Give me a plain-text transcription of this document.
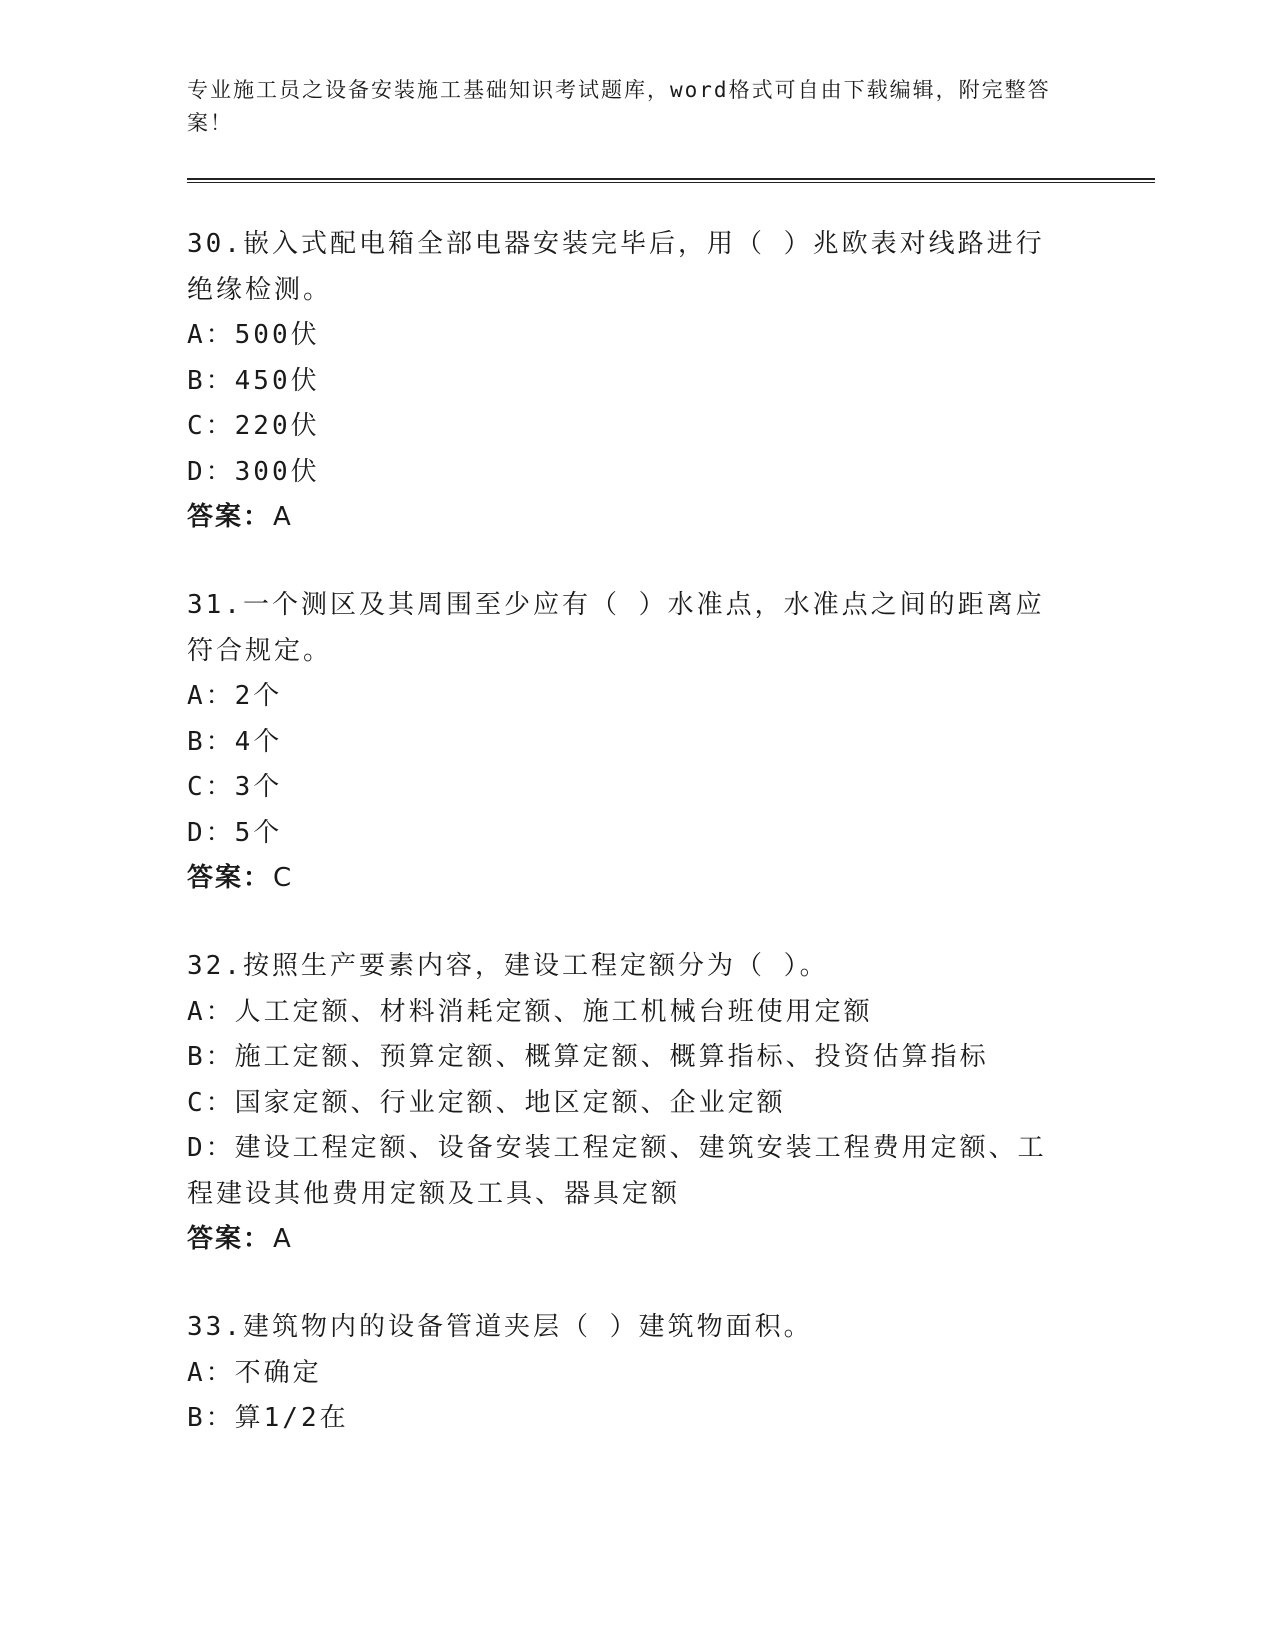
专业施工员之设备安装施工基础知识考试题库，word格式可自由下载编辑，附完整答案！

30.嵌入式配电箱全部电器安装完毕后，用（ ）兆欧表对线路进行绝缘检测。
A：500伏
B：450伏
C：220伏
D：300伏
答案：A
31.一个测区及其周围至少应有（ ）水准点，水准点之间的距离应符合规定。
A：2个
B：4个
C：3个
D：5个
答案：C
32.按照生产要素内容，建设工程定额分为（ ）。
A：人工定额、材料消耗定额、施工机械台班使用定额
B：施工定额、预算定额、概算定额、概算指标、投资估算指标
C：国家定额、行业定额、地区定额、企业定额
D：建设工程定额、设备安装工程定额、建筑安装工程费用定额、工程建设其他费用定额及工具、器具定额
答案：A
33.建筑物内的设备管道夹层（ ）建筑物面积。
A：不确定
B：算1/2在
